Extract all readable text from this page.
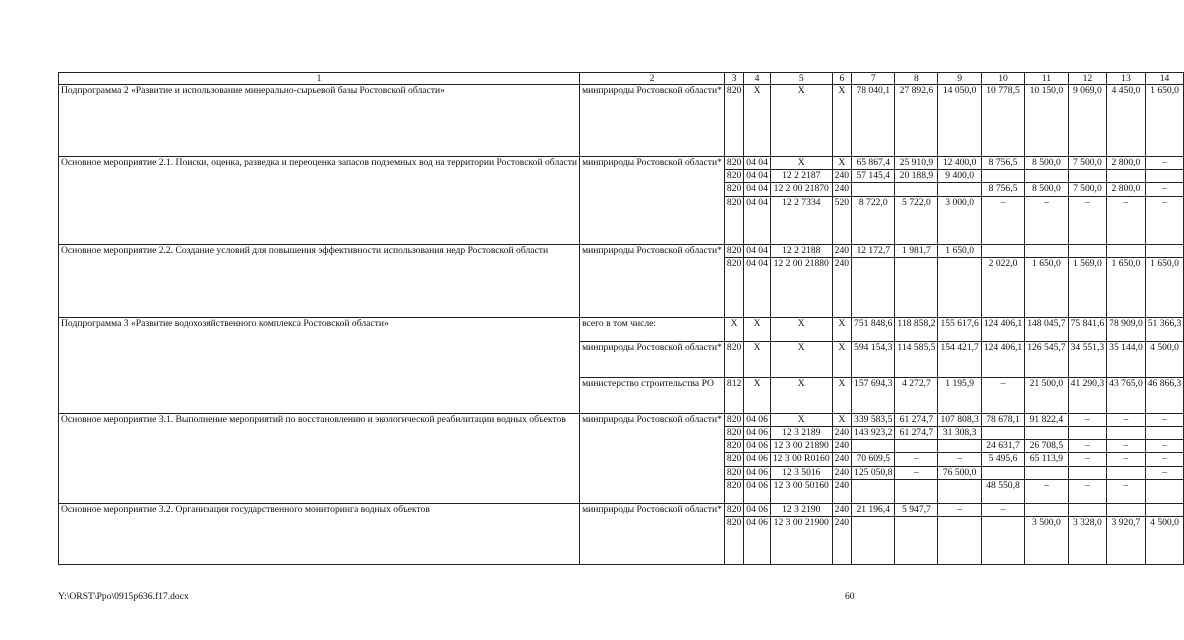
1	2	3	4	5	6	7	8	9	10	11	12	13	14
Подпрограмма 2 «Развитие и использование минерально-сырьевой базы Ростовской области»	минприроды Ростовской области*	820	X	X	X	78 040,1	27 892,6	14 050,0	10 778,5	10 150,0	9 069,0	4 450,0	1 650,0
Основное мероприятие 2.1. Поиски, оценка, разведка и переоценка запасов подземных вод на территории Ростовской области	минприроды Ростовской области*	820	04 04	X	X	65 867,4	25 910,9	12 400,0	8 756,5	8 500,0	7 500,0	2 800,0	–
		820	04 04	12 2 2187	240	57 145,4	20 188,9	9 400,0					
		820	04 04	12 2 00 21870	240				8 756,5	8 500,0	7 500,0	2 800,0	–
		820	04 04	12 2 7334	520	8 722,0	5 722,0	3 000,0	–	–	–	–	–
Основное мероприятие 2.2. Создание условий для повышения эффективности использования недр Ростовской области	минприроды Ростовской области*	820	04 04	12 2 2188	240	12 172,7	1 981,7	1 650,0					
		820	04 04	12 2 00 21880	240				2 022,0	1 650,0	1 569,0	1 650,0	1 650,0
Подпрограмма 3 «Развитие водохозяйственного комплекса Ростовской области»	всего в том числе:	X	X	X	X	751 848,6	118 858,2	155 617,6	124 406,1	148 045,7	75 841,6	78 909,0	51 366,3
	минприроды Ростовской области*	820	X	X	X	594 154,3	114 585,5	154 421,7	124 406,1	126 545,7	34 551,3	35 144,0	4 500,0
	министерство строительства РО	812	X	X	X	157 694,3	4 272,7	1 195,9	–	21 500,0	41 290,3	43 765,0	46 866,3
Основное мероприятие 3.1. Выполнение мероприятий по восстановлению и экологической реабилитации водных объектов	минприроды Ростовской области*	820	04 06	X	X	339 583,5	61 274,7	107 808,3	78 678,1	91 822,4	–	–	–
		820	04 06	12 3 2189	240	143 923,2	61 274,7	31 308,3					
		820	04 06	12 3 00 21890	240				24 631,7	26 708,5	–	–	–
		820	04 06	12 3 00 R0160	240	70 609,5	–	–	5 495,6	65 113,9	–	–	–
		820	04 06	12 3 5016	240	125 050,8	–	76 500,0					–
		820	04 06	12 3 00 50160	240				48 550,8	–	–	–	
Основное мероприятие 3.2. Организация государственного мониторинга водных объектов	минприроды Ростовской области*	820	04 06	12 3 2190	240	21 196,4	5 947,7	–	–				
		820	04 06	12 3 00 21900	240					3 500,0	3 328,0	3 920,7	4 500,0
Y:\ORST\Ppo\0915p636.f17.docx	60
